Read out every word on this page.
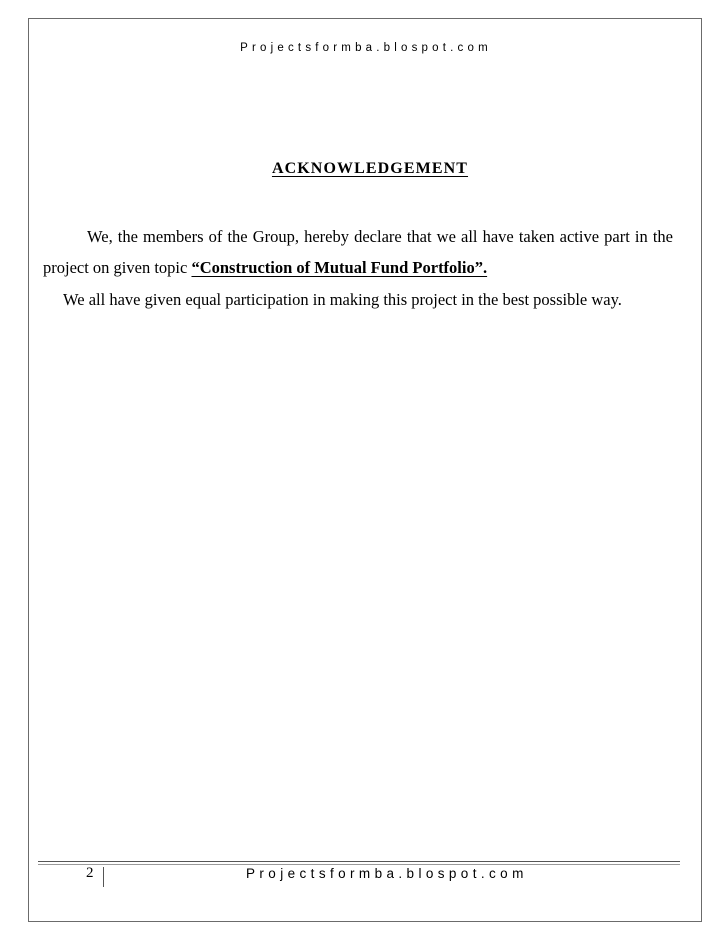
Projectsformba.blospot.com
ACKNOWLEDGEMENT
We, the members of the Group, hereby declare that we all have taken active part in the project on given topic “Construction of Mutual Fund Portfolio”.
We all have given equal participation in making this project in the best possible way.
2	Projectsformba.blospot.com
